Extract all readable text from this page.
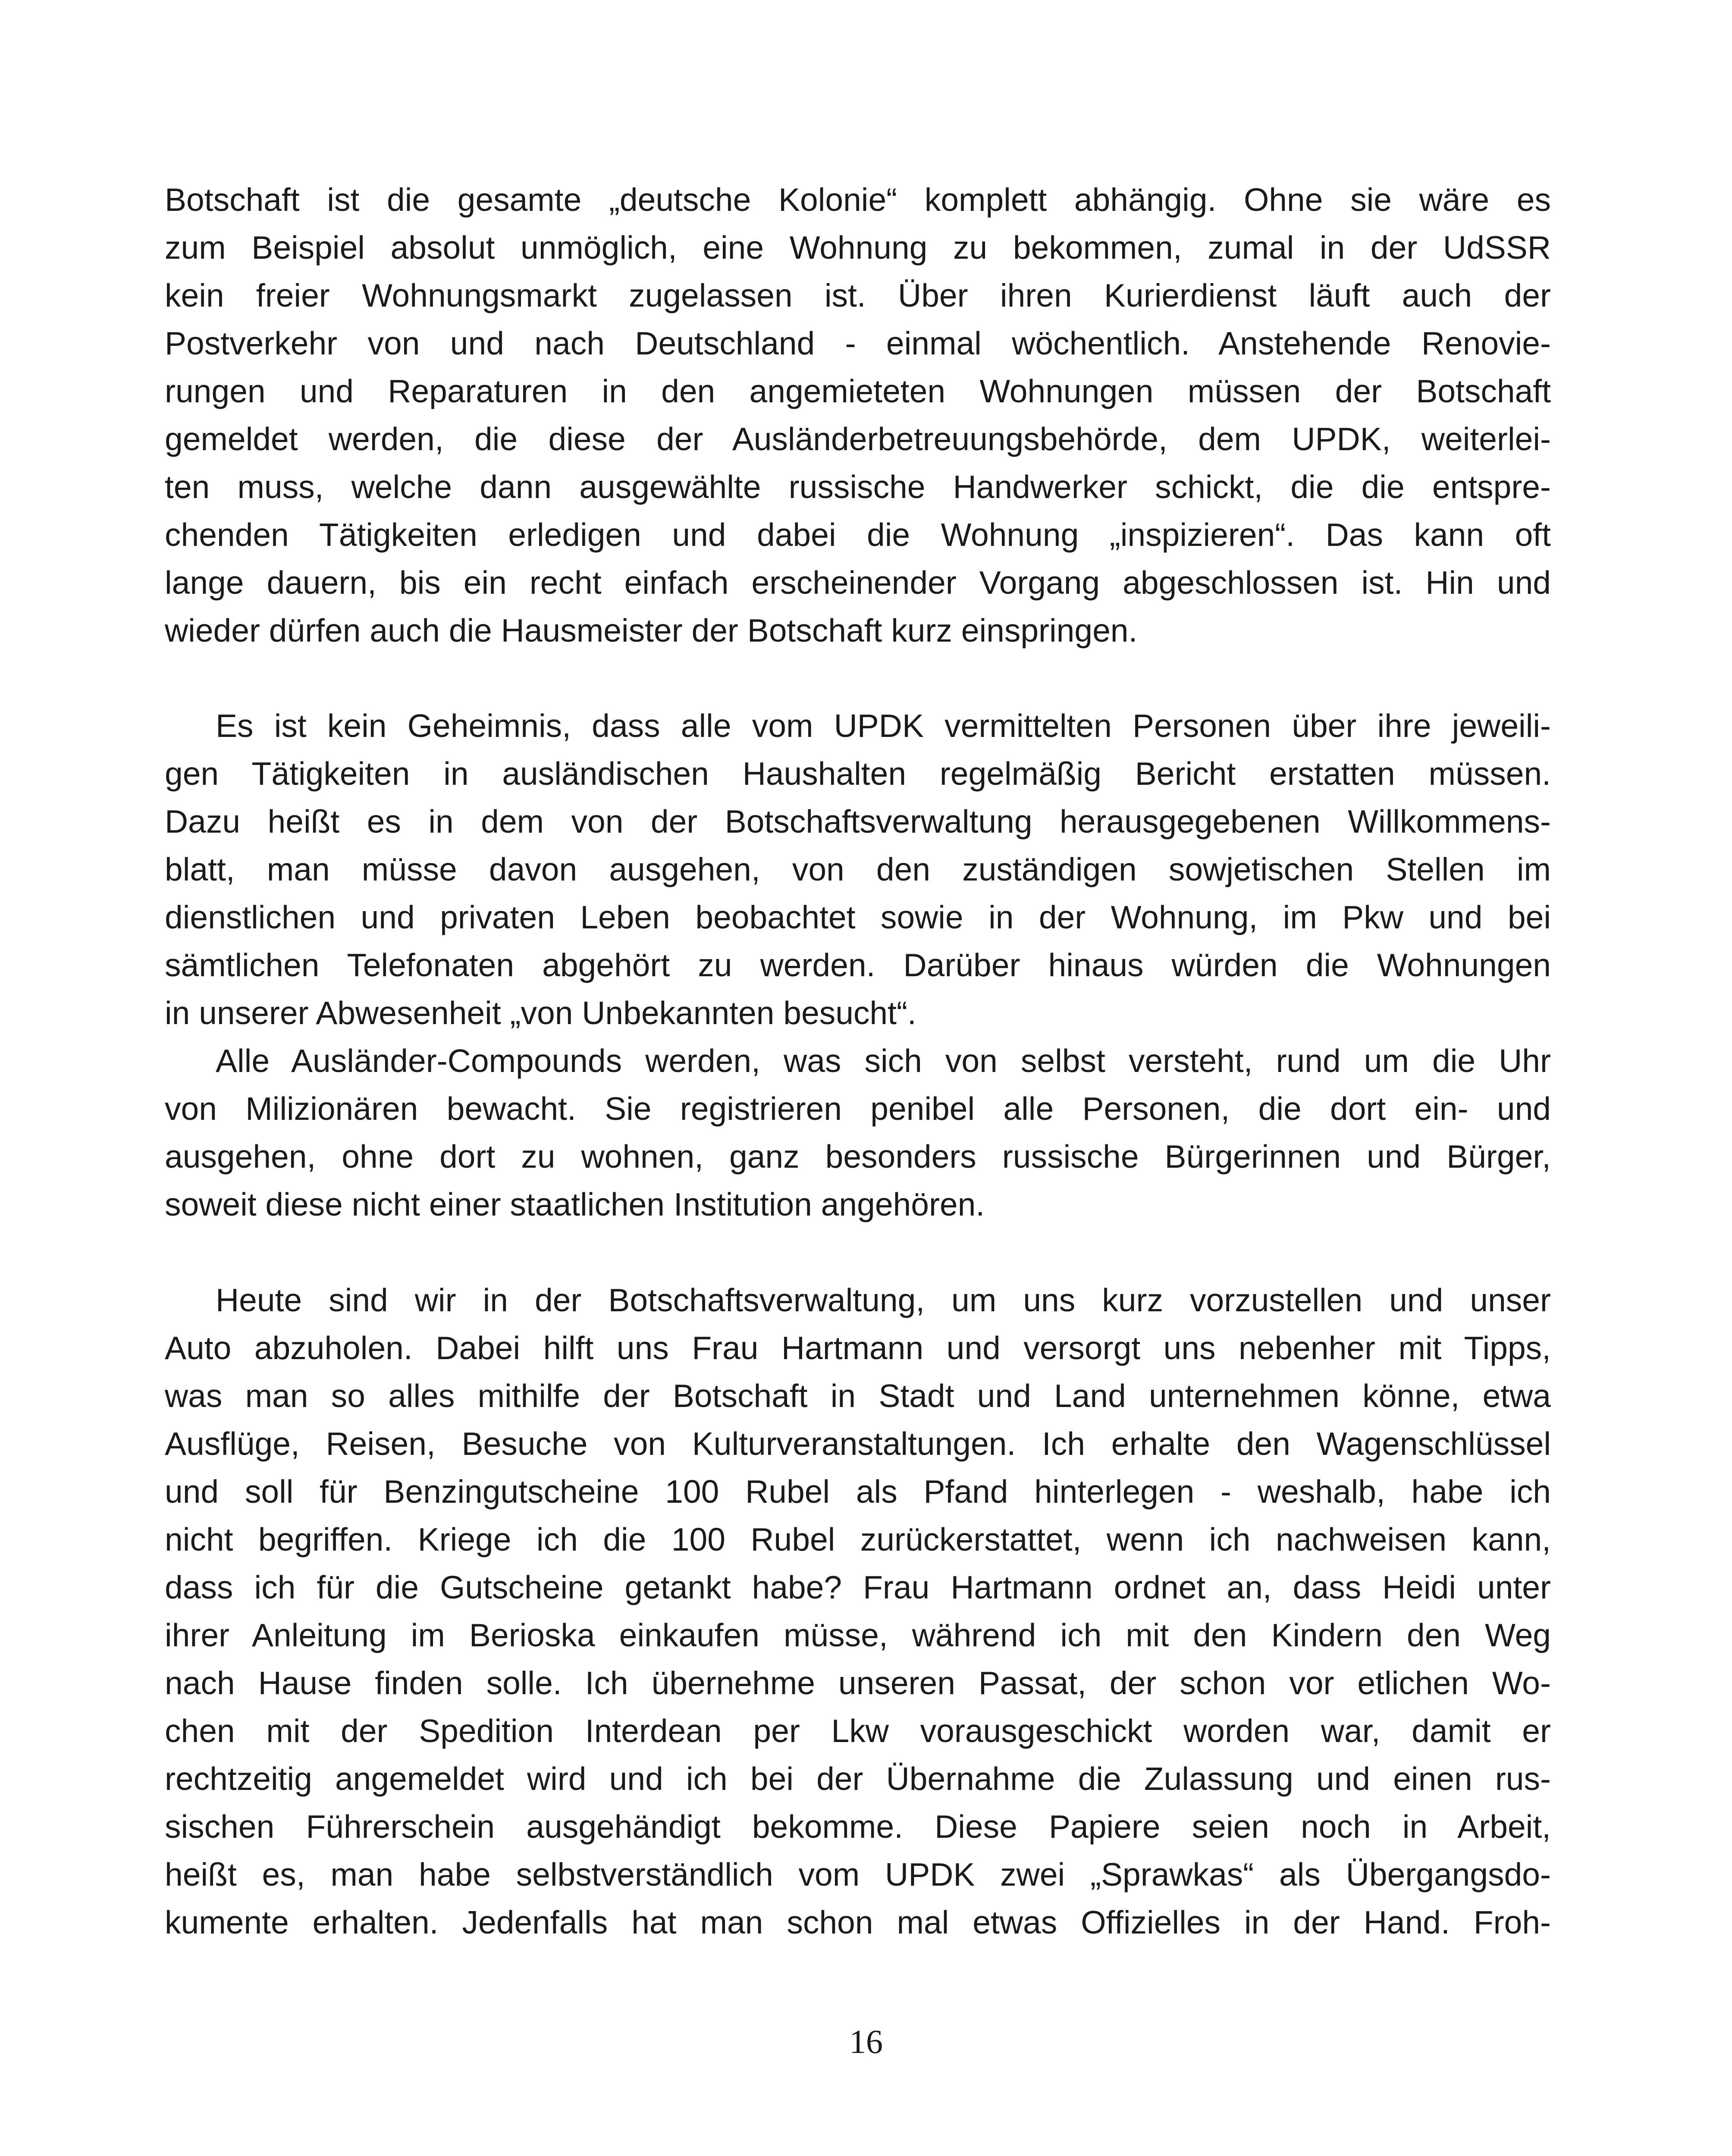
Botschaft ist die gesamte „deutsche Kolonie“ komplett abhängig. Ohne sie wäre es
zum Beispiel absolut unmöglich, eine Wohnung zu bekommen, zumal in der UdSSR
kein freier Wohnungsmarkt zugelassen ist. Über ihren Kurierdienst läuft auch der
Postverkehr von und nach Deutschland - einmal wöchentlich. Anstehende Renovie-
rungen und Reparaturen in den angemieteten Wohnungen müssen der Botschaft
gemeldet werden, die diese der Ausländerbetreuungsbehörde, dem UPDK, weiterlei-
ten muss, welche dann ausgewählte russische Handwerker schickt, die die entspre-
chenden Tätigkeiten erledigen und dabei die Wohnung „inspizieren“. Das kann oft
lange dauern, bis ein recht einfach erscheinender Vorgang abgeschlossen ist. Hin und
wieder dürfen auch die Hausmeister der Botschaft kurz einspringen.
Es ist kein Geheimnis, dass alle vom UPDK vermittelten Personen über ihre jeweili-
gen Tätigkeiten in ausländischen Haushalten regelmäßig Bericht erstatten müssen.
Dazu heißt es in dem von der Botschaftsverwaltung herausgegebenen Willkommens-
blatt, man müsse davon ausgehen, von den zuständigen sowjetischen Stellen im
dienstlichen und privaten Leben beobachtet sowie in der Wohnung, im Pkw und bei
sämtlichen Telefonaten abgehört zu werden. Darüber hinaus würden die Wohnungen
in unserer Abwesenheit „von Unbekannten besucht“.
Alle Ausländer-Compounds werden, was sich von selbst versteht, rund um die Uhr
von Milizionären bewacht. Sie registrieren penibel alle Personen, die dort ein- und
ausgehen, ohne dort zu wohnen, ganz besonders russische Bürgerinnen und Bürger,
soweit diese nicht einer staatlichen Institution angehören.
Heute sind wir in der Botschaftsverwaltung, um uns kurz vorzustellen und unser
Auto abzuholen. Dabei hilft uns Frau Hartmann und versorgt uns nebenher mit Tipps,
was man so alles mithilfe der Botschaft in Stadt und Land unternehmen könne, etwa
Ausflüge, Reisen, Besuche von Kulturveranstaltungen. Ich erhalte den Wagenschlüssel
und soll für Benzingutscheine 100 Rubel als Pfand hinterlegen - weshalb, habe ich
nicht begriffen. Kriege ich die 100 Rubel zurückerstattet, wenn ich nachweisen kann,
dass ich für die Gutscheine getankt habe? Frau Hartmann ordnet an, dass Heidi unter
ihrer Anleitung im Berioska einkaufen müsse, während ich mit den Kindern den Weg
nach Hause finden solle. Ich übernehme unseren Passat, der schon vor etlichen Wo-
chen mit der Spedition Interdean per Lkw vorausgeschickt worden war, damit er
rechtzeitig angemeldet wird und ich bei der Übernahme die Zulassung und einen rus-
sischen Führerschein ausgehändigt bekomme. Diese Papiere seien noch in Arbeit,
heißt es, man habe selbstverständlich vom UPDK zwei „Sprawkas“ als Übergangsdo-
kumente erhalten. Jedenfalls hat man schon mal etwas Offizielles in der Hand. Froh-
16
